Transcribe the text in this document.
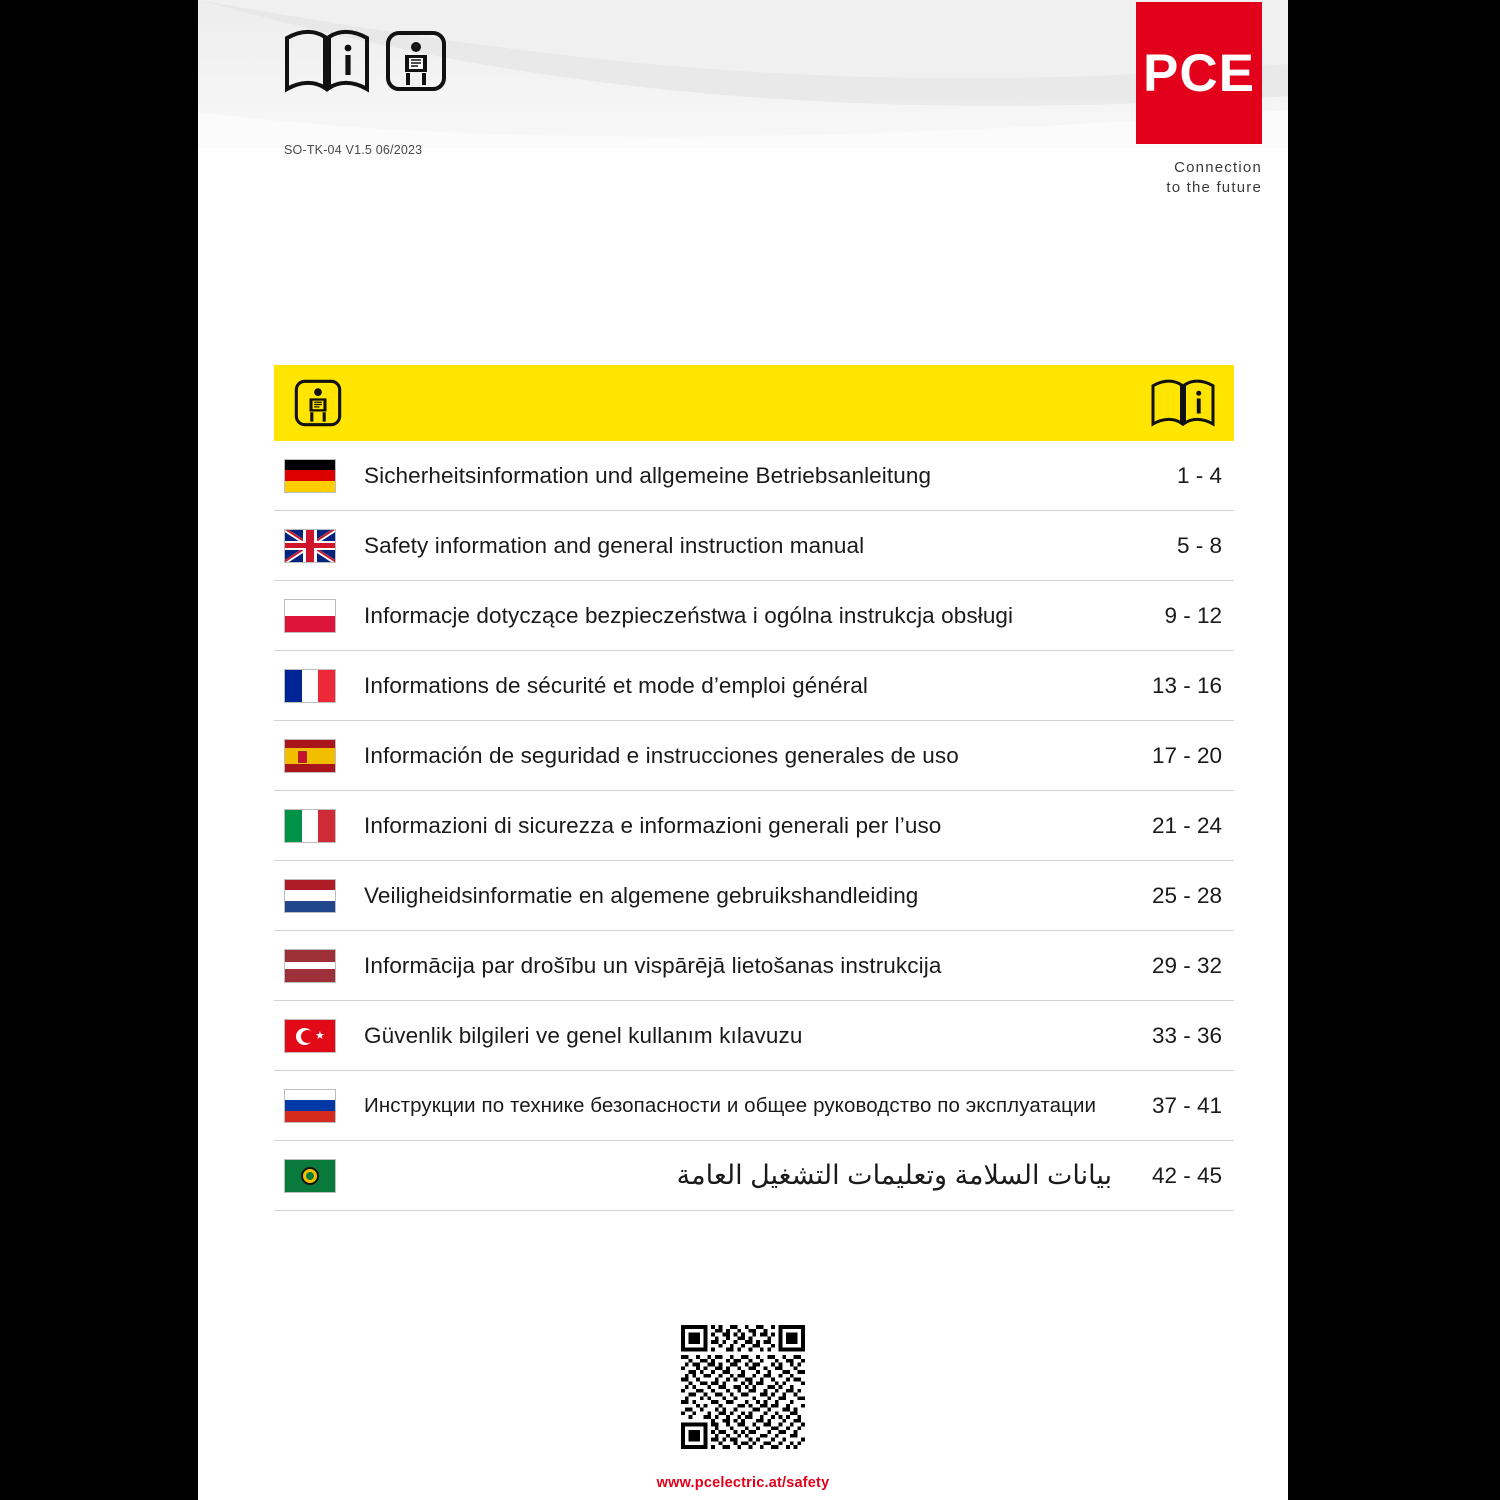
SO-TK-04 V1.5 06/2023
PCE
Connection
to the future
Sicherheitsinformation und allgemeine Betriebsanleitung	1 - 4
Safety information and general instruction manual	5 - 8
Informacje dotyczące bezpieczeństwa i ogólna instrukcja obsługi	9 - 12
Informations de sécurité et mode d’emploi général	13 - 16
Información de seguridad e instrucciones generales de uso	17 - 20
Informazioni di sicurezza e informazioni generali per l’uso	21 - 24
Veiligheidsinformatie en algemene gebruikshandleiding	25 - 28
Informācija par drošību un vispārējā lietošanas instrukcija	29 - 32
★ Güvenlik bilgileri ve genel kullanım kılavuzu	33 - 36
Инструкции по технике безопасности и общее руководство по эксплуатации	37 - 41
بيانات السلامة وتعليمات التشغيل العامة	42 - 45
www.pcelectric.at/safety
